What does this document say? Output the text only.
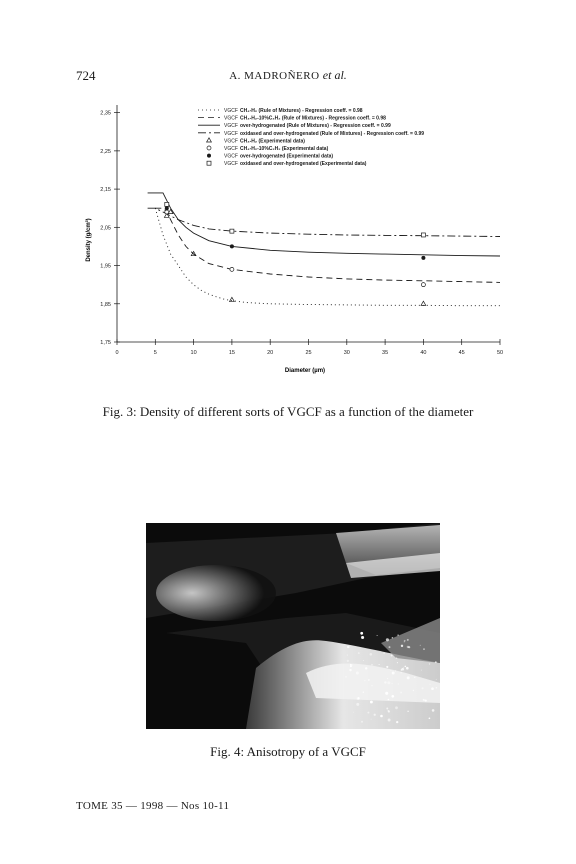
724	A. MADROÑERO et al.
0	5	10	15	20	25	30	35	40	45	50
1,75
1,85
1,95
2,05
2,15
2,25
2,35	VGCF CH₄-H₂ (Rule of Mixtures) - Regression coeff. = 0.98
VGCF CH₄-H₂-10%C₂H₂ (Rule of Mixtures) - Regression coeff. = 0.98
VGCF over-hydrogenated (Rule of Mixtures) - Regression coeff. = 0.99
VGCF oxidased and over-hydrogenated (Rule of Mixtures) - Regression coeff. = 0.99
VGCF CH₄-H₂ (Experimental data)
VGCF CH₄-H₂-10%C₂H₂ (Experimental data)
VGCF over-hydrogenated (Experimental data)
VGCF oxidased and over-hydrogenated (Experimental data)
Diameter (µm)
Density (g/cm³)
Fig. 3: Density of different sorts of VGCF as a function of the diameter
Fig. 4: Anisotropy of a VGCF
TOME 35 — 1998 — Nos 10-11
